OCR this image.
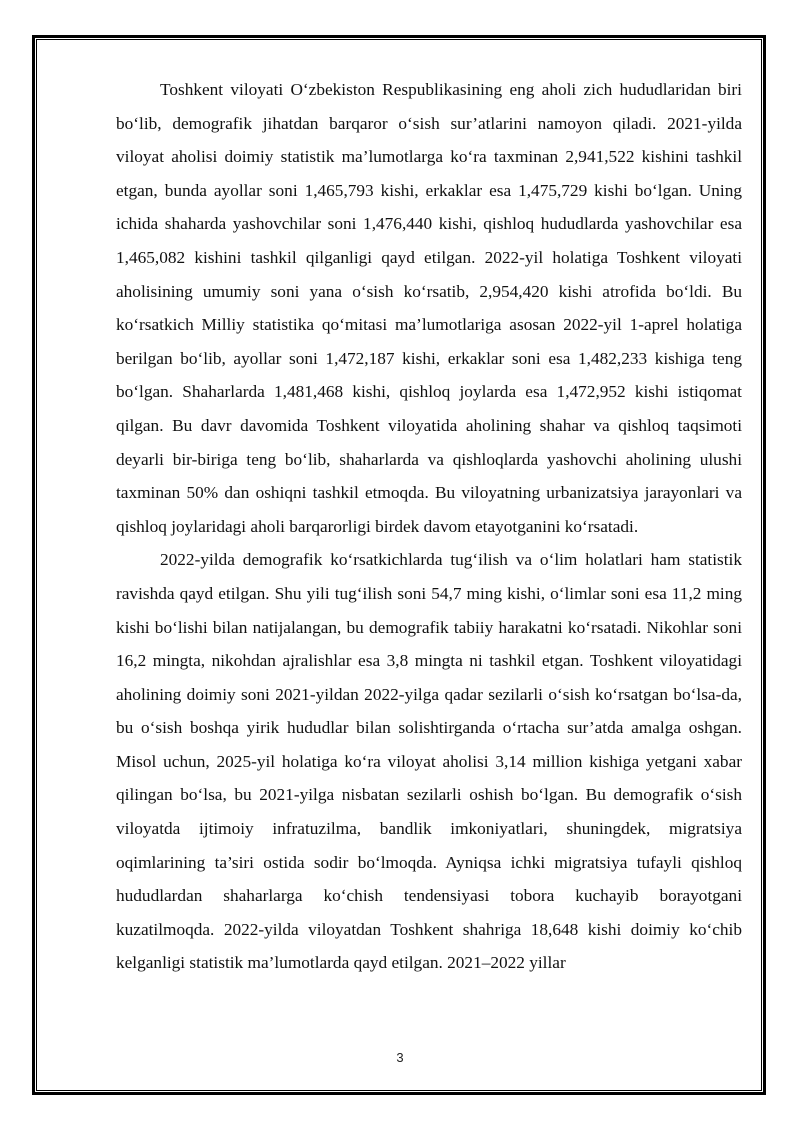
Toshkent viloyati O‘zbekiston Respublikasining eng aholi zich hududlaridan biri bo‘lib, demografik jihatdan barqaror o‘sish sur’atlarini namoyon qiladi. 2021-yilda viloyat aholisi doimiy statistik ma’lumotlarga ko‘ra taxminan 2,941,522 kishini tashkil etgan, bunda ayollar soni 1,465,793 kishi, erkaklar esa 1,475,729 kishi bo‘lgan. Uning ichida shaharda yashovchilar soni 1,476,440 kishi, qishloq hududlarda yashovchilar esa 1,465,082 kishini tashkil qilganligi qayd etilgan. 2022-yil holatiga Toshkent viloyati aholisining umumiy soni yana o‘sish ko‘rsatib, 2,954,420 kishi atrofida bo‘ldi. Bu ko‘rsatkich Milliy statistika qo‘mitasi ma’lumotlariga asosan 2022-yil 1-aprel holatiga berilgan bo‘lib, ayollar soni 1,472,187 kishi, erkaklar soni esa 1,482,233 kishiga teng bo‘lgan. Shaharlarda 1,481,468 kishi, qishloq joylarda esa 1,472,952 kishi istiqomat qilgan. Bu davr davomida Toshkent viloyatida aholining shahar va qishloq taqsimoti deyarli bir-biriga teng bo‘lib, shaharlarda va qishloqlarda yashovchi aholining ulushi taxminan 50% dan oshiqni tashkil etmoqda. Bu viloyatning urbanizatsiya jarayonlari va qishloq joylaridagi aholi barqarorligi birdek davom etayotganini ko‘rsatadi.

2022-yilda demografik ko‘rsatkichlarda tug‘ilish va o‘lim holatlari ham statistik ravishda qayd etilgan. Shu yili tug‘ilish soni 54,7 ming kishi, o‘limlar soni esa 11,2 ming kishi bo‘lishi bilan natijalangan, bu demografik tabiiy harakatni ko‘rsatadi. Nikohlar soni 16,2 mingta, nikohdan ajralishlar esa 3,8 mingta ni tashkil etgan. Toshkent viloyatidagi aholining doimiy soni 2021-yildan 2022-yilga qadar sezilarli o‘sish ko‘rsatgan bo‘lsa-da, bu o‘sish boshqa yirik hududlar bilan solishtirganda o‘rtacha sur’atda amalga oshgan. Misol uchun, 2025-yil holatiga ko‘ra viloyat aholisi 3,14 million kishiga yetgani xabar qilingan bo‘lsa, bu 2021-yilga nisbatan sezilarli oshish bo‘lgan. Bu demografik o‘sish viloyatda ijtimoiy infratuzilma, bandlik imkoniyatlari, shuningdek, migratsiya oqimlarining ta’siri ostida sodir bo‘lmoqda. Ayniqsa ichki migratsiya tufayli qishloq hududlardan shaharlarga ko‘chish tendensiyasi tobora kuchayib borayotgani kuzatilmoqda. 2022-yilda viloyatdan Toshkent shahriga 18,648 kishi doimiy ko‘chib kelganligi statistik ma’lumotlarda qayd etilgan. 2021–2022 yillar

3
